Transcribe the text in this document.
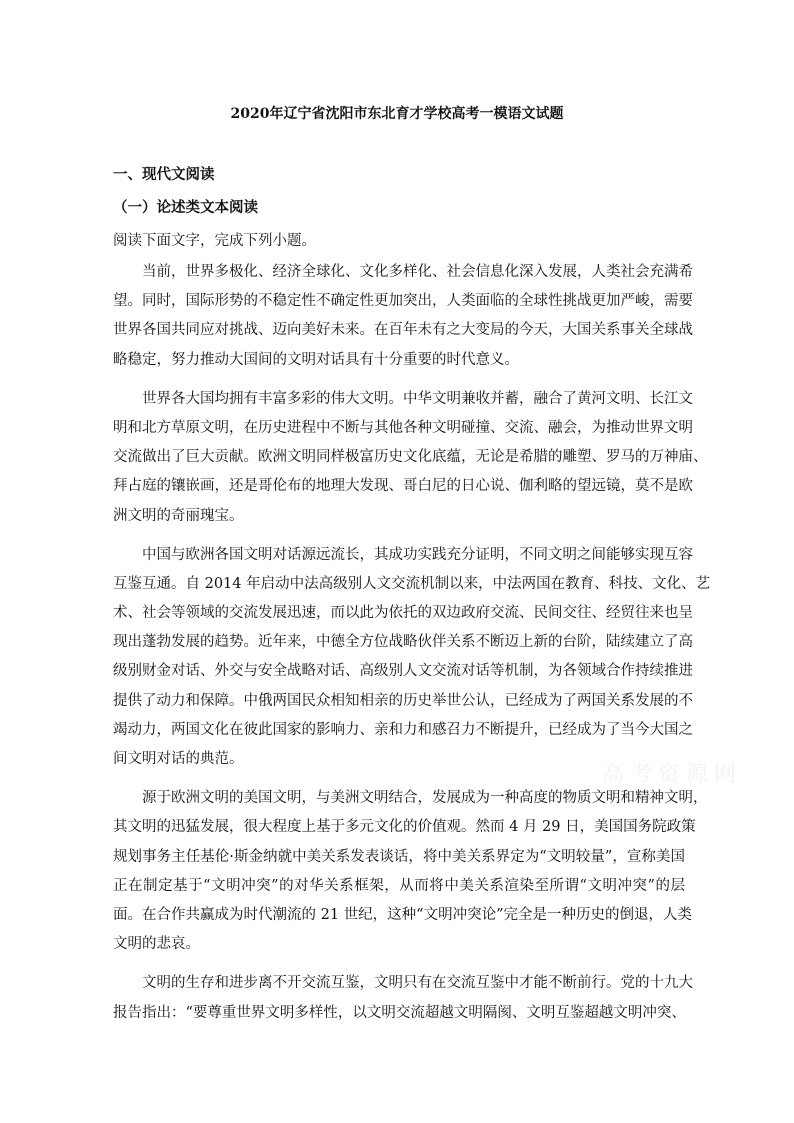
2020年辽宁省沈阳市东北育才学校高考一模语文试题
一、现代文阅读
（一）论述类文本阅读
阅读下面文字，完成下列小题。
高考资源网
当前，世界多极化、经济全球化、文化多样化、社会信息化深入发展，人类社会充满希
望。同时，国际形势的不稳定性不确定性更加突出，人类面临的全球性挑战更加严峻，需要
世界各国共同应对挑战、迈向美好未来。在百年未有之大变局的今天，大国关系事关全球战
略稳定，努力推动大国间的文明对话具有十分重要的时代意义。
世界各大国均拥有丰富多彩的伟大文明。中华文明兼收并蓄，融合了黄河文明、长江文
明和北方草原文明，在历史进程中不断与其他各种文明碰撞、交流、融会，为推动世界文明
交流做出了巨大贡献。欧洲文明同样极富历史文化底蕴，无论是希腊的雕塑、罗马的万神庙、
拜占庭的镶嵌画，还是哥伦布的地理大发现、哥白尼的日心说、伽利略的望远镜，莫不是欧
洲文明的奇丽瑰宝。
中国与欧洲各国文明对话源远流长，其成功实践充分证明，不同文明之间能够实现互容
互鉴互通。自 2014 年启动中法高级别人文交流机制以来，中法两国在教育、科技、文化、艺
术、社会等领域的交流发展迅速，而以此为依托的双边政府交流、民间交往、经贸往来也呈
现出蓬勃发展的趋势。近年来，中德全方位战略伙伴关系不断迈上新的台阶，陆续建立了高
级别财金对话、外交与安全战略对话、高级别人文交流对话等机制，为各领域合作持续推进
提供了动力和保障。中俄两国民众相知相亲的历史举世公认，已经成为了两国关系发展的不
竭动力，两国文化在彼此国家的影响力、亲和力和感召力不断提升，已经成为了当今大国之
间文明对话的典范。
源于欧洲文明的美国文明，与美洲文明结合，发展成为一种高度的物质文明和精神文明，
其文明的迅猛发展，很大程度上基于多元文化的价值观。然而 4 月 29 日，美国国务院政策
规划事务主任基伦·斯金纳就中美关系发表谈话，将中美关系界定为“文明较量”，宣称美国
正在制定基于“文明冲突”的对华关系框架，从而将中美关系渲染至所谓“文明冲突”的层
面。在合作共赢成为时代潮流的 21 世纪，这种“文明冲突论”完全是一种历史的倒退，人类
文明的悲哀。
文明的生存和进步离不开交流互鉴，文明只有在交流互鉴中才能不断前行。党的十九大
报告指出：“要尊重世界文明多样性，以文明交流超越文明隔阂、文明互鉴超越文明冲突、
